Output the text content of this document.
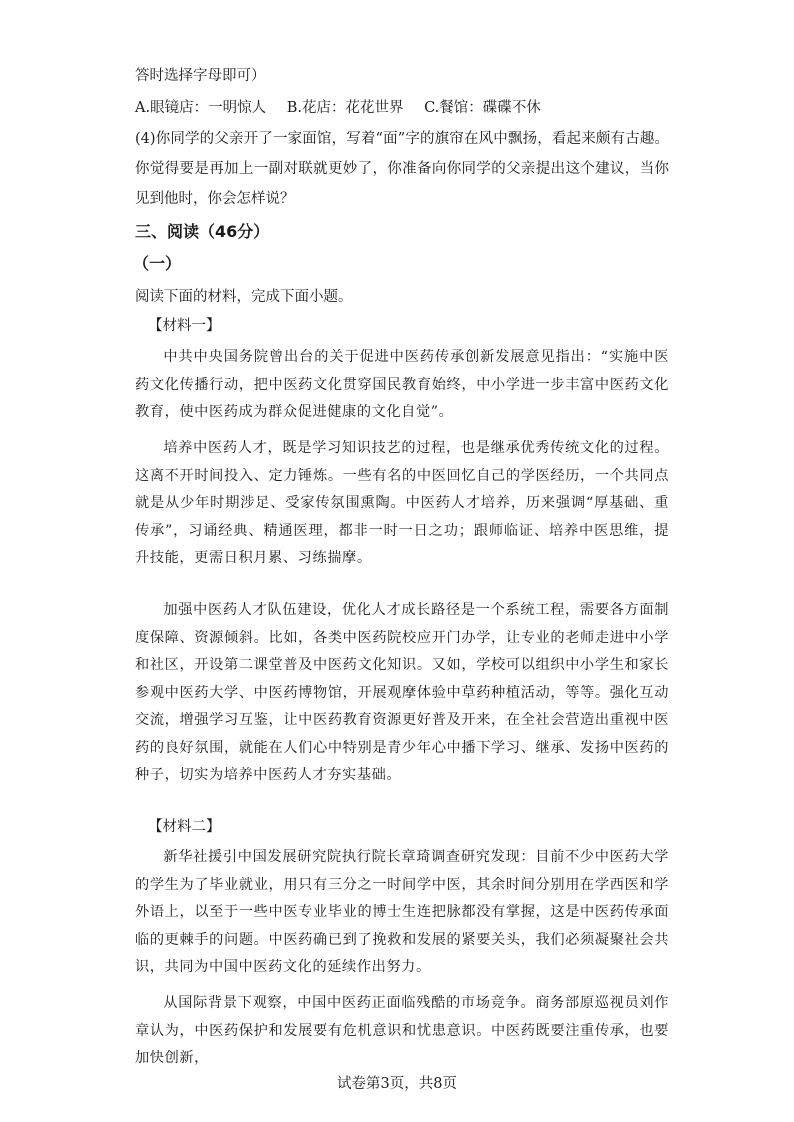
答时选择字母即可）
A.眼镜店：一明惊人 B.花店：花花世界 C.餐馆：碟碟不休
(4)你同学的父亲开了一家面馆，写着“面”字的旗帘在风中飘扬，看起来颇有古趣。你觉得要是再加上一副对联就更妙了，你准备向你同学的父亲提出这个建议，当你见到他时，你会怎样说？
三、阅读（46分）
（一）
阅读下面的材料，完成下面小题。
【材料一】
中共中央国务院曾出台的关于促进中医药传承创新发展意见指出：“实施中医药文化传播行动，把中医药文化贯穿国民教育始终，中小学进一步丰富中医药文化教育，使中医药成为群众促进健康的文化自觉”。
培养中医药人才，既是学习知识技艺的过程，也是继承优秀传统文化的过程。这离不开时间投入、定力锤炼。一些有名的中医回忆自己的学医经历，一个共同点就是从少年时期涉足、受家传氛围熏陶。中医药人才培养，历来强调“厚基础、重传承”，习诵经典、精通医理，都非一时一日之功；跟师临证、培养中医思维，提升技能，更需日积月累、习练揣摩。
加强中医药人才队伍建设，优化人才成长路径是一个系统工程，需要各方面制度保障、资源倾斜。比如，各类中医药院校应开门办学，让专业的老师走进中小学和社区，开设第二课堂普及中医药文化知识。又如，学校可以组织中小学生和家长参观中医药大学、中医药博物馆，开展观摩体验中草药种植活动，等等。强化互动交流，增强学习互鉴，让中医药教育资源更好普及开来，在全社会营造出重视中医药的良好氛围，就能在人们心中特别是青少年心中播下学习、继承、发扬中医药的种子，切实为培养中医药人才夯实基础。
【材料二】
新华社援引中国发展研究院执行院长章琦调查研究发现：目前不少中医药大学的学生为了毕业就业，用只有三分之一时间学中医，其余时间分别用在学西医和学外语上，以至于一些中医专业毕业的博士生连把脉都没有掌握，这是中医药传承面临的更棘手的问题。中医药确已到了挽救和发展的紧要关头，我们必须凝聚社会共识，共同为中国中医药文化的延续作出努力。
从国际背景下观察，中国中医药正面临残酷的市场竞争。商务部原巡视员刘作章认为，中医药保护和发展要有危机意识和忧患意识。中医药既要注重传承，也要加快创新，
试卷第3页，共8页
